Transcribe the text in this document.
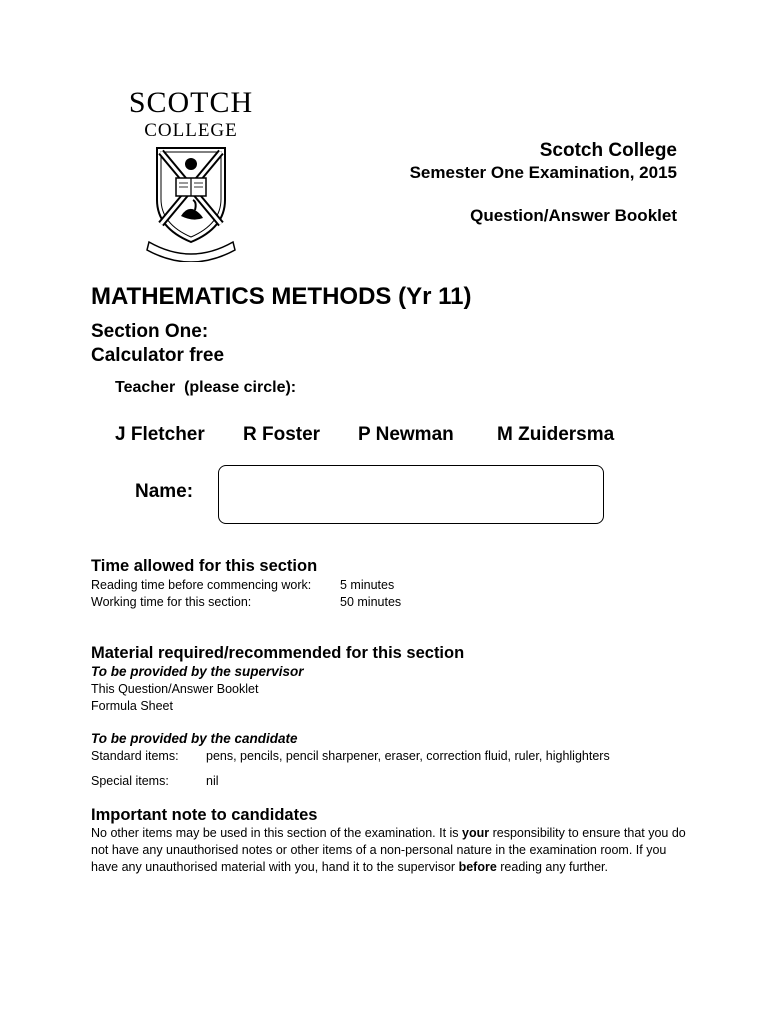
SCOTCH
COLLEGE
Scotch College
Semester One Examination, 2015
Question/Answer Booklet
MATHEMATICS METHODS (Yr 11)
Section One:
Calculator free
Teacher  (please circle):
J Fletcher R Foster P Newman M Zuidersma
Name:
Time allowed for this section
Reading time before commencing work: 5 minutes
Working time for this section:	50 minutes
Material required/recommended for this section
To be provided by the supervisor
This Question/Answer Booklet
Formula Sheet
To be provided by the candidate
Standard items: pens, pencils, pencil sharpener, eraser, correction fluid, ruler, highlighters
Special items:	nil
Important note to candidates
No other items may be used in this section of the examination. It is your responsibility to ensure that you do not have any unauthorised notes or other items of a non-personal nature in the examination room. If you have any unauthorised material with you, hand it to the supervisor before reading any further.
